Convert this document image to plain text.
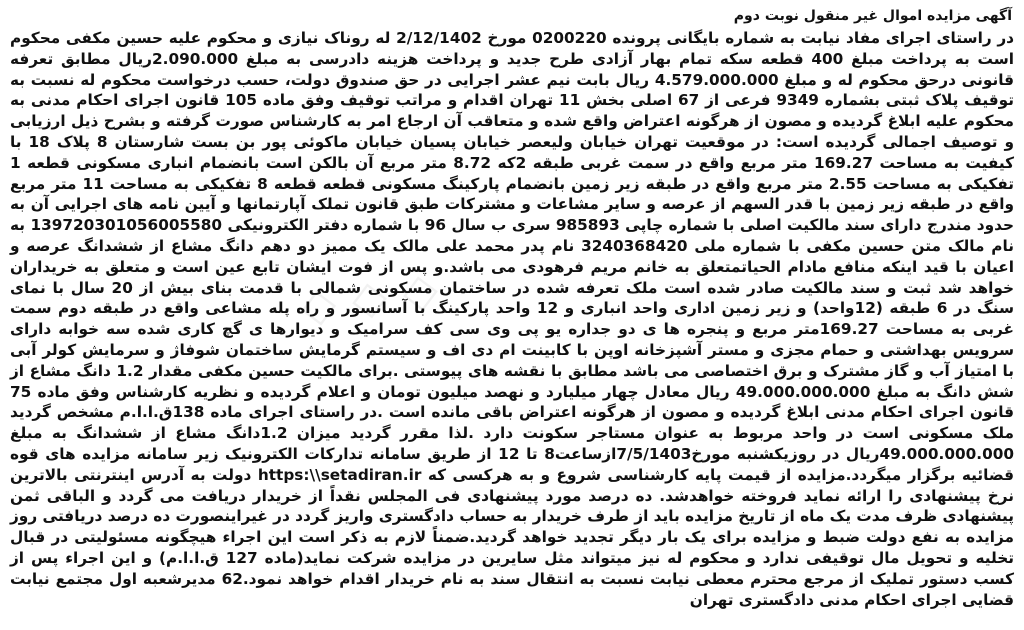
◇ ◇ ◇
آگهی مزایده اموال غیر منقول نوبت دوم

در راستای اجرای مفاد نیابت به شماره بایگانی پرونده 0200220 مورخ 2/12/1402 له روناک نیازی و محکوم علیه حسین مکفی محکوم است به پرداخت مبلغ 400 قطعه سکه تمام بهار آزادی طرح جدید و پرداخت هزینه دادرسی به مبلغ 2.090.000ریال مطابق تعرفه قانونی درحق محکوم له و مبلغ 4.579.000.000 ریال بابت نیم عشر اجرایی در حق صندوق دولت، حسب درخواست محکوم له نسبت به توقیف پلاک ثبتی بشماره 9349 فرعی از 67 اصلی بخش 11 تهران اقدام و مراتب توقیف وفق ماده 105 قانون اجرای احکام مدنی به محکوم علیه ابلاغ گردیده و مصون از هرگونه اعتراض واقع شده و متعاقب آن ارجاع امر به کارشناس صورت گرفته و بشرح ذیل ارزیابی و توصیف اجمالی گردیده است: در موقعیت تهران خیابان ولیعصر خیابان پسیان خیابان ماکوئی پور بن بست شارستان 8 پلاک 18 با کیفیت به مساحت 169.27 متر مربع واقع در سمت غربی طبقه 2که 8.72 متر مربع آن بالکن است بانضمام انباری مسکونی قطعه 1 تفکیکی به مساحت 2.55 متر مربع واقع در طبقه زیر زمین بانضمام پارکینگ مسکونی قطعه قطعه 8 تفکیکی به مساحت 11 متر مربع واقع در طبقه زیر زمین با قدر السهم از عرصه و سایر مشاعات و مشترکات طبق قانون تملک آپارتمانها و آیین نامه های اجرایی آن به حدود مندرج دارای سند مالکیت اصلی با شماره چاپی 985893 سری ب سال 96 با شماره دفتر الکترونیکی 139720301056005580 به نام مالک متن حسین مکفی با شماره ملی 3240368420 نام پدر محمد علی مالک یک ممیز دو دهم دانگ مشاع از ششدانگ عرصه و اعیان با قید اینکه منافع مادام الحیاتمتعلق به خانم مریم فرهودی می باشد.و پس از فوت ایشان تابع عین است و متعلق به خریداران خواهد شد ثبت و سند مالکیت صادر شده است ملک تعرفه شده در ساختمان مسکونی شمالی با قدمت بنای بیش از 20 سال با نمای سنگ در 6 طبقه (12واحد) و زیر زمین اداری واحد انباری و 12 واحد پارکینگ با آسانسور و راه پله مشاعی واقع در طبقه دوم سمت غربی به مساحت 169.27متر مربع و پنجره ها ی دو جداره یو پی وی سی کف سرامیک و دیوارها ی گچ کاری شده سه خوابه دارای سرویس بهداشتی و حمام مجزی و مستر آشپزخانه اوپن با کابینت ام دی اف و سیستم گرمایش ساختمان شوفاژ و سرمایش کولر آبی با امتیاز آب و گاز مشترک و برق اختصاصی می باشد مطابق با نقشه های پیوستی .برای مالکیت حسین مکفی مقدار 1.2 دانگ مشاع از شش دانگ به مبلغ 49.000.000.000 ریال معادل چهار میلیارد و نهصد میلیون تومان و اعلام گردیده و نظریه کارشناس وفق ماده 75 قانون اجرای احکام مدنی ابلاغ گردیده و مصون از هرگونه اعتراض باقی مانده است .در راستای اجرای ماده 138ق.ا.ا.م مشخص گردید ملک مسکونی است در واحد مربوط به عنوان مستاجر سکونت دارد .لذا مقرر گردید میزان 1.2دانگ مشاع از ششدانگ به مبلغ 49.000.000.000ریال در روزیکشنبه مورخ7/5/1403ازساعت8 تا 12 از طریق سامانه تدارکات الکترونیک زیر سامانه مزایده های قوه قضائیه برگزار میگردد.مزایده از قیمت پایه کارشناسی شروع و به هرکسی که https:\\setadiran.ir دولت به آدرس اینترنتی بالاترین نرخ پیشنهادی را ارائه نماید فروخته خواهدشد. ده درصد مورد پیشنهادی فی المجلس نقداً از خریدار دریافت می گردد و الباقی ثمن پیشنهادی ظرف مدت یک ماه از تاریخ مزایده باید از طرف خریدار به حساب دادگستری واریز گردد در غیراینصورت ده درصد دریافتی روز مزایده به نفع دولت ضبط و مزایده برای یک بار دیگر تجدید خواهد گردید.ضمناً لازم به ذکر است این اجراء هیچگونه مسئولیتی در قبال تخلیه و تحویل مال توقیفی ندارد و محکوم له نیز میتواند مثل سایرین در مزایده شرکت نماید(ماده 127 ق.ا.ا.م) و این اجراء پس از کسب دستور تملیک از مرجع محترم معطی نیابت نسبت به انتقال سند به نام خریدار اقدام خواهد نمود.62 مدیرشعبه اول مجتمع نیابت قضایی اجرای احکام مدنی دادگستری تهران
